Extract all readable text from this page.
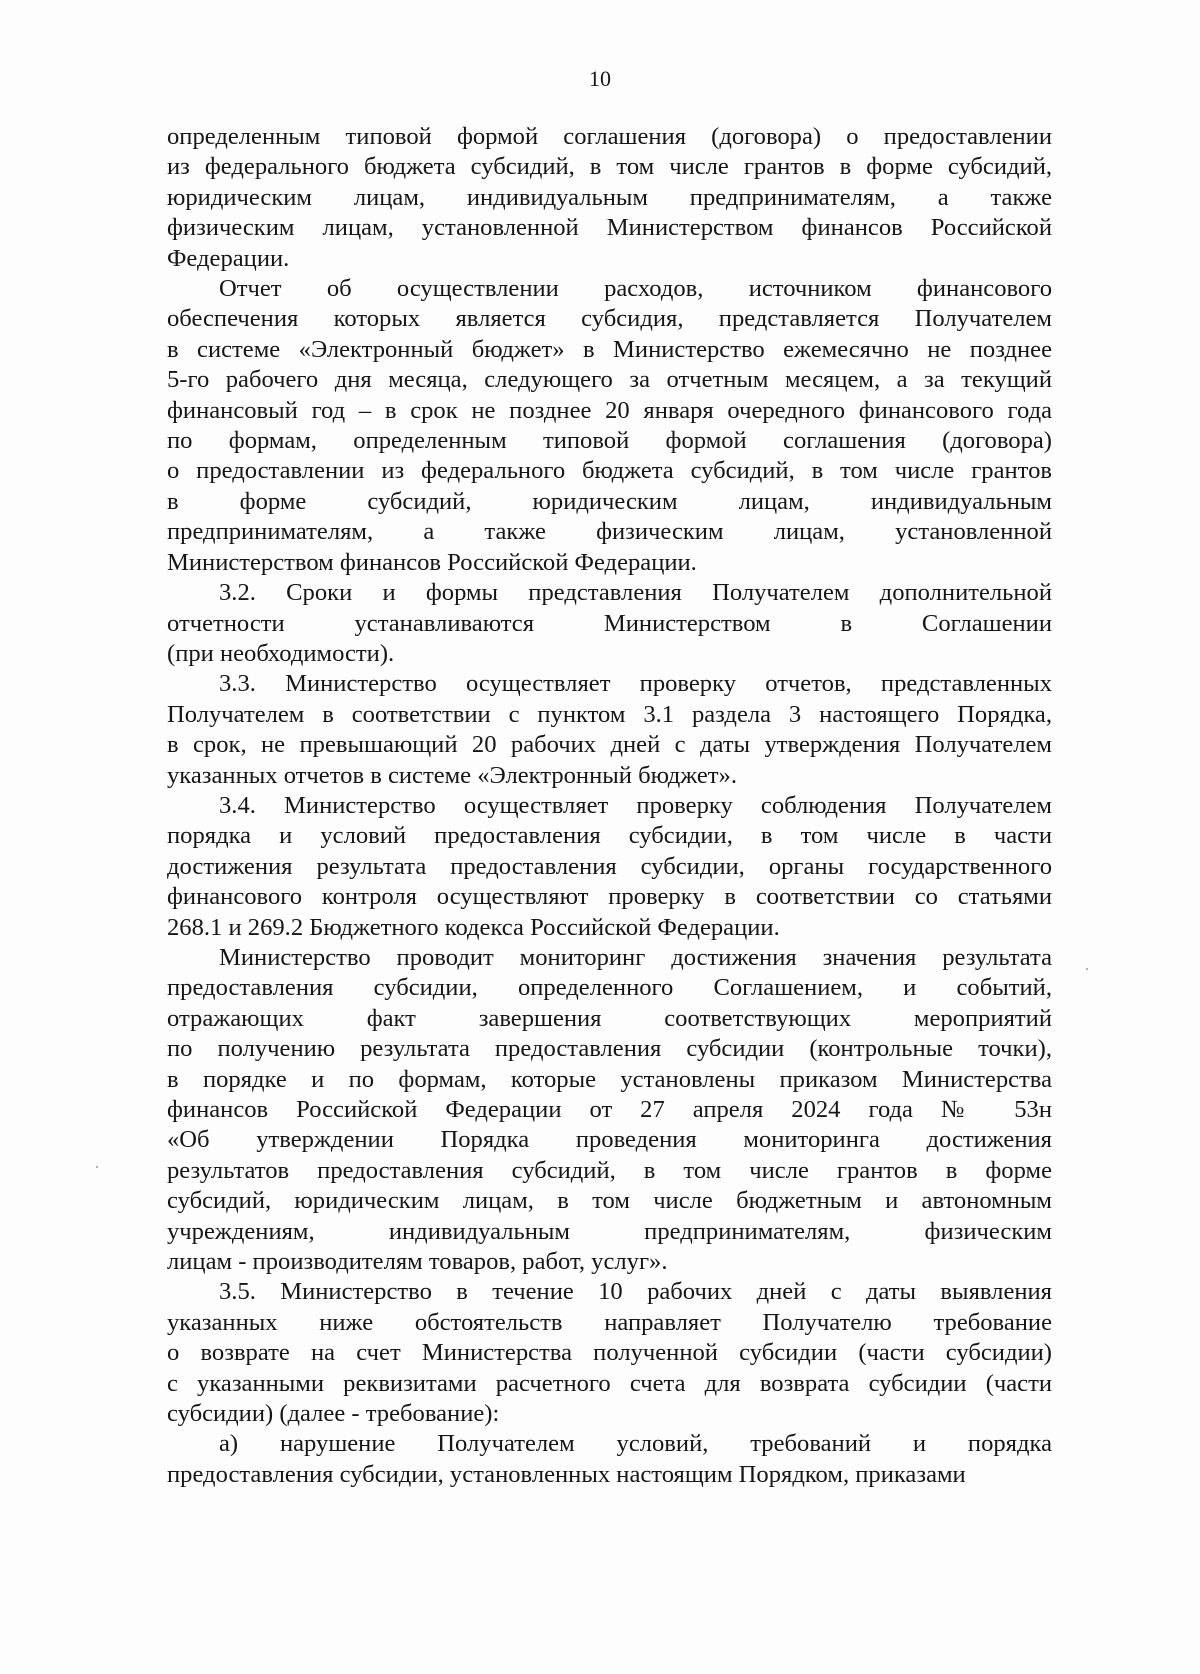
10

определенным типовой формой соглашения (договора) о предоставлении
из федерального бюджета субсидий, в том числе грантов в форме субсидий,
юридическим лицам, индивидуальным предпринимателям, а также
физическим лицам, установленной Министерством финансов Российской
Федерации.

Отчет об осуществлении расходов, источником финансового
обеспечения которых является субсидия, представляется Получателем
в системе «Электронный бюджет» в Министерство ежемесячно не позднее
5-го рабочего дня месяца, следующего за отчетным месяцем, а за текущий
финансовый год – в срок не позднее 20 января очередного финансового года
по формам, определенным типовой формой соглашения (договора)
о предоставлении из федерального бюджета субсидий, в том числе грантов
в форме субсидий, юридическим лицам, индивидуальным
предпринимателям, а также физическим лицам, установленной
Министерством финансов Российской Федерации.

3.2. Сроки и формы представления Получателем дополнительной
отчетности устанавливаются Министерством в Соглашении
(при необходимости).

3.3. Министерство осуществляет проверку отчетов, представленных
Получателем в соответствии с пунктом 3.1 раздела 3 настоящего Порядка,
в срок, не превышающий 20 рабочих дней с даты утверждения Получателем
указанных отчетов в системе «Электронный бюджет».

3.4. Министерство осуществляет проверку соблюдения Получателем
порядка и условий предоставления субсидии, в том числе в части
достижения результата предоставления субсидии, органы государственного
финансового контроля осуществляют проверку в соответствии со статьями
268.1 и 269.2 Бюджетного кодекса Российской Федерации.

Министерство проводит мониторинг достижения значения результата
предоставления субсидии, определенного Соглашением, и событий,
отражающих факт завершения соответствующих мероприятий
по получению результата предоставления субсидии (контрольные точки),
в порядке и по формам, которые установлены приказом Министерства
финансов Российской Федерации от 27 апреля 2024 года № 53н
«Об утверждении Порядка проведения мониторинга достижения
результатов предоставления субсидий, в том числе грантов в форме
субсидий, юридическим лицам, в том числе бюджетным и автономным
учреждениям, индивидуальным предпринимателям, физическим
лицам - производителям товаров, работ, услуг».

3.5. Министерство в течение 10 рабочих дней с даты выявления
указанных ниже обстоятельств направляет Получателю требование
о возврате на счет Министерства полученной субсидии (части субсидии)
с указанными реквизитами расчетного счета для возврата субсидии (части
субсидии) (далее - требование):

а) нарушение Получателем условий, требований и порядка
предоставления субсидии, установленных настоящим Порядком, приказами
